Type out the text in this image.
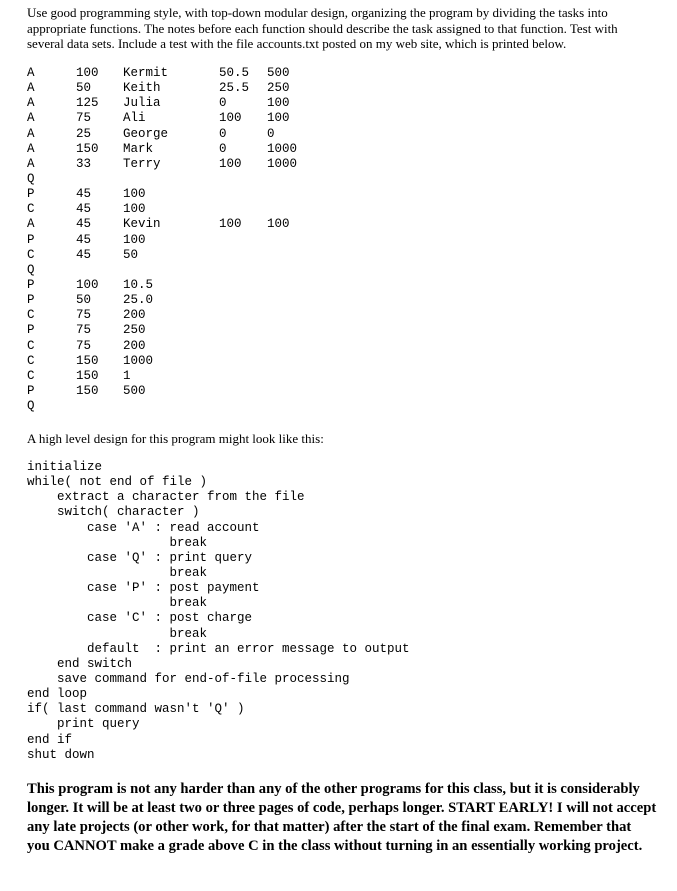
Use good programming style, with top-down modular design, organizing the program by dividing the tasks into appropriate functions. The notes before each function should describe the task assigned to that function. Test with several data sets. Include a test with the file accounts.txt posted on my web site, which is printed below.

A	100 Kermit	50.5 500
A	50	Keith	25.5 250
A	125 Julia	0	100
A	75	Ali	100 100
A	25	George	0	0
A	150 Mark	0	1000
A	33	Terry	100 1000
Q
P	45	100
C	45	100
A	45	Kevin	100 100
P	45	100
C	45	50
Q
P	100 10.5
P	50	25.0
C	75	200
P	75	250
C	75	200
C	150 1000
C	150 1
P	150 500
Q

A high level design for this program might look like this:

initialize
while( not end of file )
extract a character from the file
switch( character )
case 'A' : read account
break
case 'Q' : print query
break
case 'P' : post payment
break
case 'C' : post charge
break
default  : print an error message to output
end switch
save command for end-of-file processing
end loop
if( last command wasn't 'Q' )
print query
end if
shut down

This program is not any harder than any of the other programs for this class, but it is considerably longer. It will be at least two or three pages of code, perhaps longer. START EARLY! I will not accept any late projects (or other work, for that matter) after the start of the final exam. Remember that you CANNOT make a grade above C in the class without turning in an essentially working project.
